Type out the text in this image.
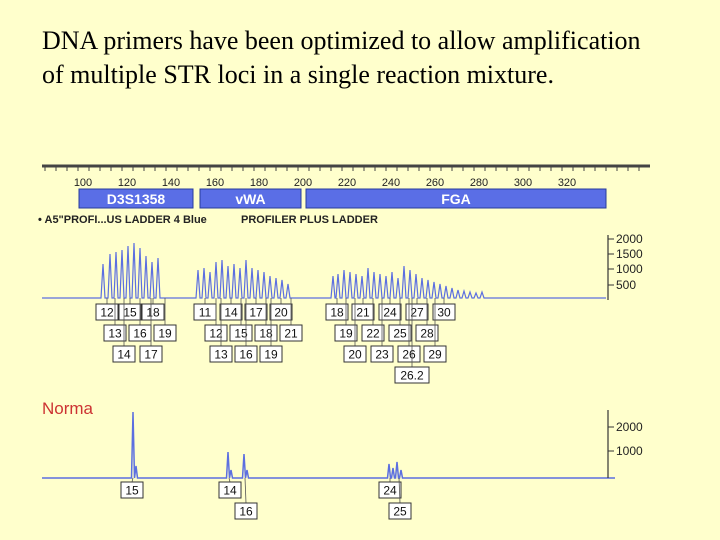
DNA primers have been optimized to allow amplification
of multiple STR loci in a single reaction mixture.
100 120 140 160 180 200 220 240 260 280 300 320
D3S1358	vWA	FGA
• A5"PROFI...US LADDER 4 Blue	PROFILER PLUS LADDER
2000
1500
1000
500
12 15 18
13 16 19
14 17
11 14 17 20
12 15 18 21
13 16 19
18 21 24 27 30
19 22 25 28
20 23 26 29
26.2
Norma
2000
1000
15	14
16
24
25
